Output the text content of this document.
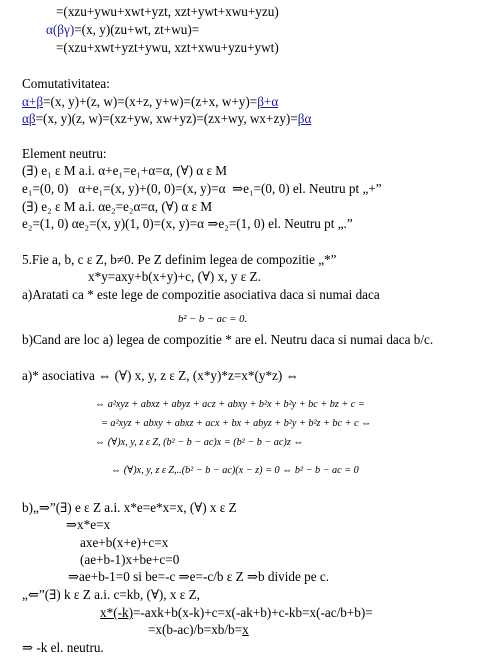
=(xzu+ywu+xwt+yzt, xzt+ywt+xwu+yzu)
α(βγ)=(x, y)(zu+wt, zt+wu)=
=(xzu+xwt+yzt+ywu, xzt+xwu+yzu+ywt)
Comutativitatea:
α+β=(x, y)+(z, w)=(x+z, y+w)=(z+x, w+y)=β+α
αβ=(x, y)(z, w)=(xz+yw, xw+yz)=(zx+wy, wx+zy)=βα
Element neutru:
(∃) e₁ ε M a.i. α+e₁=e₁+α=α, (∀) α ε M
e₁=(0, 0)   α+e₁=(x, y)+(0, 0)=(x, y)=α  ⇒e₁=(0, 0) el. Neutru pt „+”
(∃) e₂ ε M a.i. αe₂=e₂α=α, (∀) α ε M
e₂=(1, 0) αe₂=(x, y)(1, 0)=(x, y)=α ⇒e₂=(1, 0) el. Neutru pt „.”
5.Fie a, b, c ε Z, b≠0. Pe Z definim legea de compozitie „*”
x*y=axy+b(x+y)+c, (∀) x, y ε Z.
a)Aratati ca * este lege de compozitie asociativa daca si numai daca
b² − b − ac = 0.
b)Cand are loc a) legea de compozitie * are el. Neutru daca si numai daca b/c.
a)* asociativa ⇔ (∀) x, y, z ε Z, (x*y)*z=x*(y*z) ⇔
⇔ a²xyz + abxz + abyz + acz + abxy + b²x + b²y + bc + bz + c =
= a²xyz + abxy + abxz + acx + bx + abyz + b²y + b²z + bc + c ⇔
⇔ (∀)x, y, z ε Z, (b² − b − ac)x = (b² − b − ac)z ⇔
⇔ (∀)x, y, z ε Z,..(b² − b − ac)(x − z) = 0 ⇔ b² − b − ac = 0
b)„⇒”(∃) e ε Z a.i. x*e=e*x=x, (∀) x ε Z
⇒x*e=x
axe+b(x+e)+c=x
(ae+b-1)x+be+c=0
⇒ae+b-1=0 si be=-c ⇒e=-c/b ε Z ⇒b divide pe c.
„⇐”(∃) k ε Z a.i. c=kb, (∀), x ε Z,
x*(-k)=-axk+b(x-k)+c=x(-ak+b)+c-kb=x(-ac/b+b)=
=x(b-ac)/b=xb/b=x
⇒ -k el. neutru.
